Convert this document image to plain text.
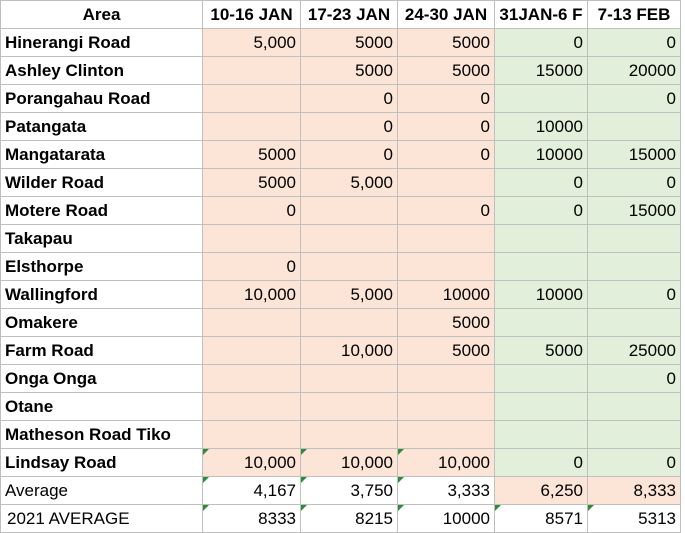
Area	10-16 JAN	17-23 JAN	24-30 JAN	31JAN-6 F	7-13 FEB
Hinerangi Road	5,000	5000	5000	0	0
Ashley Clinton		5000	5000	15000	20000
Porangahau Road		0	0		0
Patangata		0	0	10000	
Mangatarata	5000	0	0	10000	15000
Wilder Road	5000	5,000		0	0
Motere Road	0		0	0	15000
Takapau					
Elsthorpe	0				
Wallingford	10,000	5,000	10000	10000	0
Omakere			5000		
Farm Road		10,000	5000	5000	25000
Onga Onga					0
Otane					
Matheson Road Tiko					
Lindsay Road	10,000	10,000	10,000	0	0
Average	4,167	3,750	3,333	6,250	8,333
2021 AVERAGE	8333	8215	10000	8571	5313
